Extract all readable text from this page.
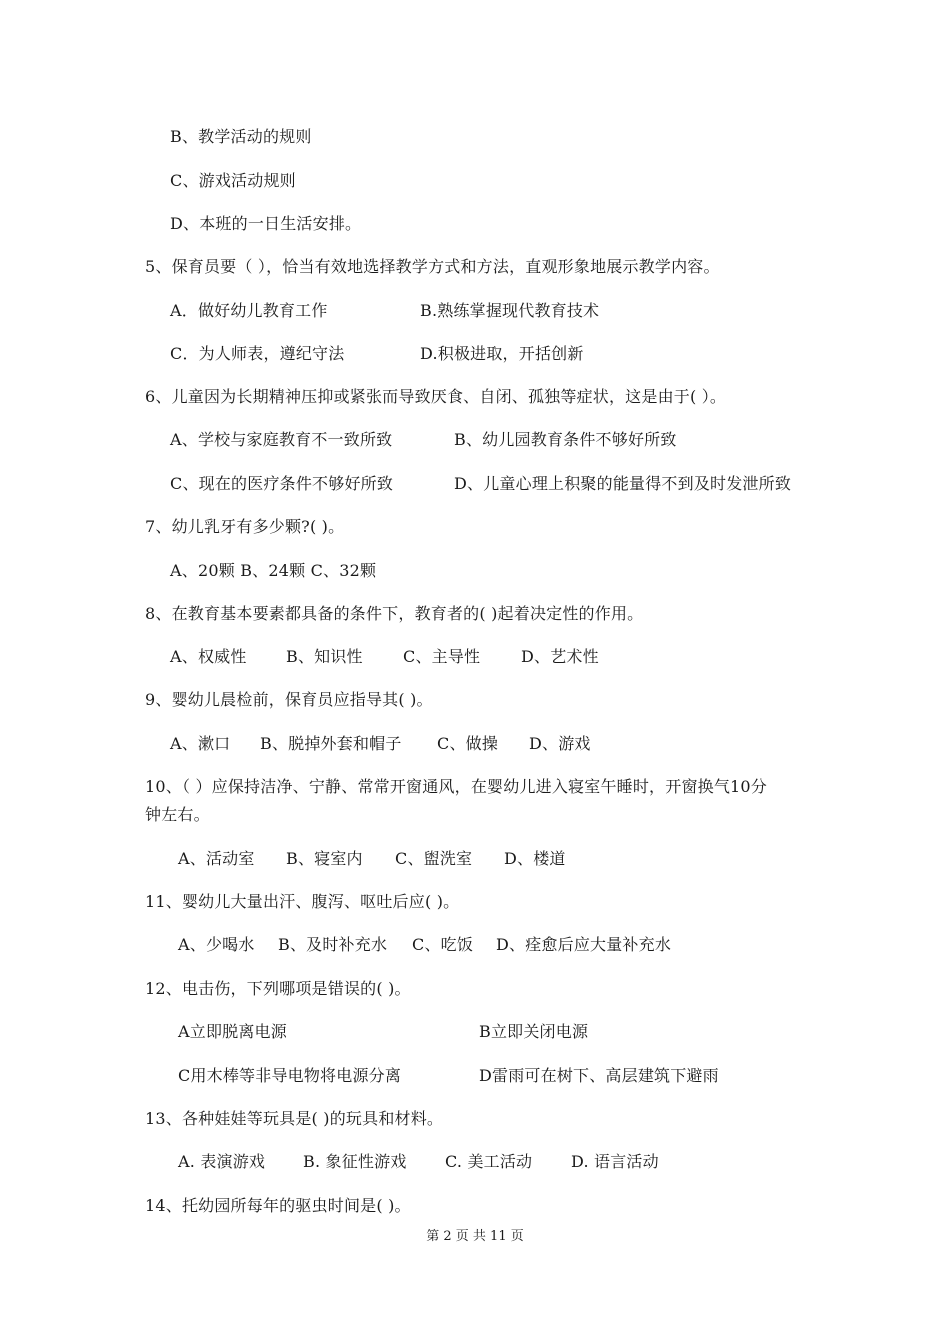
B、教学活动的规则
C、游戏活动规则
D、本班的一日生活安排。
5、保育员要（ ），恰当有效地选择教学方式和方法，直观形象地展示教学内容。
A．做好幼儿教育工作	B.熟练掌握现代教育技术
C．为人师表，遵纪守法	D.积极进取，开括创新
6、儿童因为长期精神压抑或紧张而导致厌食、自闭、孤独等症状，这是由于( ）。
A、学校与家庭教育不一致所致	B、幼儿园教育条件不够好所致
C、现在的医疗条件不够好所致	D、儿童心理上积聚的能量得不到及时发泄所致
7、幼儿乳牙有多少颗?( )。
A、20颗 B、24颗 C、32颗
8、在教育基本要素都具备的条件下，教育者的( )起着决定性的作用。
A、权威性 B、知识性	C、主导性	D、艺术性
9、婴幼儿晨检前，保育员应指导其( )。
A、漱口 B、脱掉外套和帽子 C、做操 D、游戏
10、（ ）应保持洁净、宁静、常常开窗通风，在婴幼儿进入寝室午睡时，开窗换气10分
钟左右。
A、活动室 B、寝室内 C、盥洗室 D、楼道
11、婴幼儿大量出汗、腹泻、呕吐后应( )。
A、少喝水 B、及时补充水 C、吃饭 D、痊愈后应大量补充水
12、电击伤，下列哪项是错误的( )。
A立即脱离电源	B立即关闭电源
C用木棒等非导电物将电源分离	D雷雨可在树下、高层建筑下避雨
13、各种娃娃等玩具是( )的玩具和材料。
A. 表演游戏 B. 象征性游戏 C. 美工活动 D. 语言活动
14、托幼园所每年的驱虫时间是( )。
第 2 页 共 11 页
